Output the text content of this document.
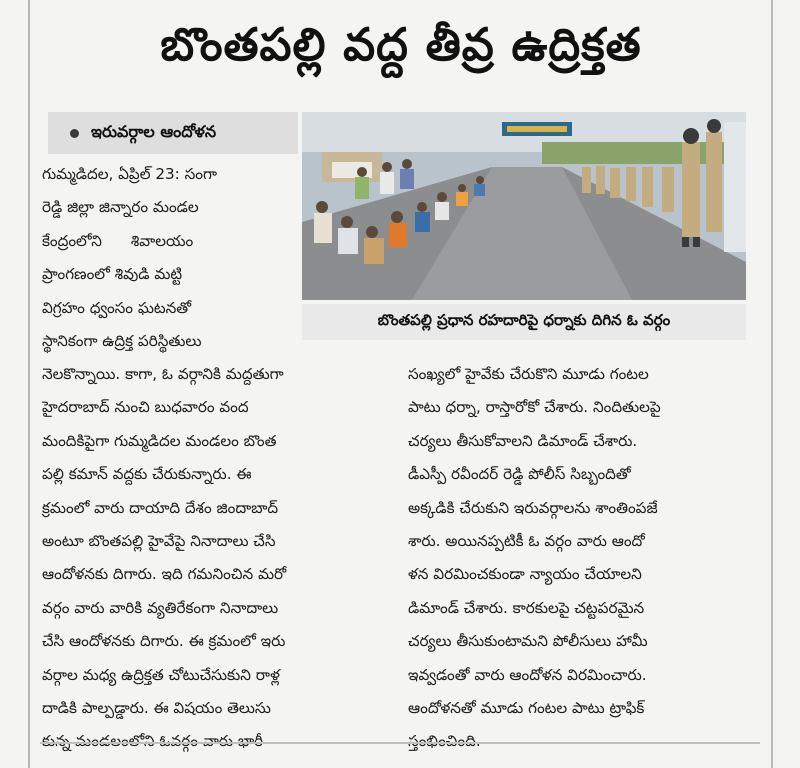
బొంతపల్లి వద్ద తీవ్ర ఉద్రిక్తత
ఇరువర్గాల ఆందోళన
బొంతపల్లి ప్రధాన రహదారిపై ధర్నాకు దిగిన ఓ వర్గం

గుమ్మడిదల, ఏప్రిల్ 23: సంగా

రెడ్డి జిల్లా జిన్నారం మండల

కేంద్రంలోని      శివాలయం

ప్రాంగణంలో శివుడి మట్టి

విగ్రహం ధ్వంసం ఘటనతో

స్థానికంగా ఉద్రిక్త పరిస్థితులు

నెలకొన్నాయి. కాగా, ఓ వర్గానికి మద్దతుగా

హైదరాబాద్ నుంచి బుధవారం వంద

మందికిపైగా గుమ్మడిదల మండలం బొంత

పల్లి కమాన్ వద్దకు చేరుకున్నారు. ఈ

క్రమంలో వారు దాయాది దేశం జిందాబాద్

అంటూ బొంతపల్లి హైవేపై నినాదాలు చేసి

ఆందోళనకు దిగారు. ఇది గమనించిన మరో

వర్గం వారు వారికి వ్యతిరేకంగా నినాదాలు

చేసి ఆందోళనకు దిగారు. ఈ క్రమంలో ఇరు

వర్గాల మధ్య ఉద్రిక్తత చోటుచేసుకుని రాళ్ల

దాడికి పాల్పడ్డారు. ఈ విషయం తెలుసు

సంఖ్యలో హైవేకు చేరుకొని మూడు గంటల

పాటు ధర్నా, రాస్తారోకో చేశారు. నిందితులపై

చర్యలు తీసుకోవాలని డిమాండ్ చేశారు.

డీఎస్పీ రవీందర్ రెడ్డి పోలీస్ సిబ్బందితో

అక్కడికి చేరుకుని ఇరువర్గాలను శాంతింపజే

శారు. అయినప్పటికీ ఓ వర్గం వారు ఆందో

ళన విరమించకుండా న్యాయం చేయాలని

డిమాండ్ చేశారు. కారకులపై చట్టపరమైన

చర్యలు తీసుకుంటామని పోలీసులు హామీ

ఇవ్వడంతో వారు ఆందోళన విరమించారు.

ఆందోళనతో మూడు గంటల పాటు ట్రాఫిక్
